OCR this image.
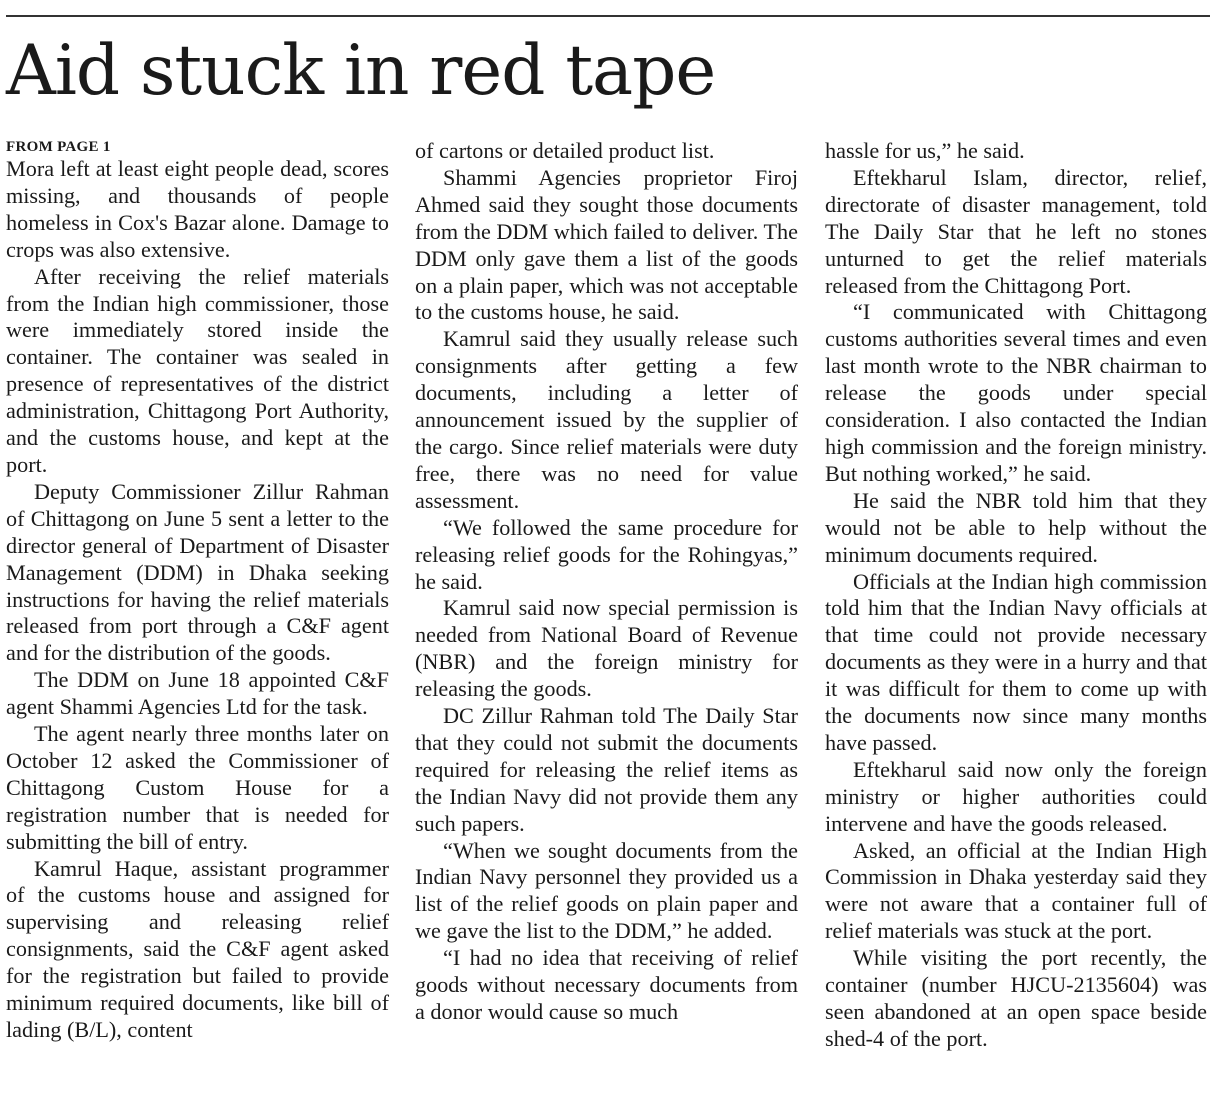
Aid stuck in red tape

FROM PAGE 1

Mora left at least eight people dead, scores missing, and thousands of people homeless in Cox's Bazar alone. Damage to crops was also extensive.

After receiving the relief materials from the Indian high commissioner, those were immediately stored inside the container. The container was sealed in presence of representatives of the district administration, Chittagong Port Authority, and the customs house, and kept at the port.

Deputy Commissioner Zillur Rahman of Chittagong on June 5 sent a letter to the director general of Department of Disaster Management (DDM) in Dhaka seeking instructions for having the relief materials released from port through a C&F agent and for the distribution of the goods.

The DDM on June 18 appointed C&F agent Shammi Agencies Ltd for the task.

The agent nearly three months later on October 12 asked the Commissioner of Chittagong Custom House for a registration number that is needed for submitting the bill of entry.

Kamrul Haque, assistant programmer of the customs house and assigned for supervising and releasing relief consignments, said the C&F agent asked for the registration but failed to provide minimum required documents, like bill of lading (B/L), content

of cartons or detailed product list.

Shammi Agencies proprietor Firoj Ahmed said they sought those documents from the DDM which failed to deliver. The DDM only gave them a list of the goods on a plain paper, which was not acceptable to the customs house, he said.

Kamrul said they usually release such consignments after getting a few documents, including a letter of announcement issued by the supplier of the cargo. Since relief materials were duty free, there was no need for value assessment.

“We followed the same procedure for releasing relief goods for the Rohingyas,” he said.

Kamrul said now special permission is needed from National Board of Revenue (NBR) and the foreign ministry for releasing the goods.

DC Zillur Rahman told The Daily Star that they could not submit the documents required for releasing the relief items as the Indian Navy did not provide them any such papers.

“When we sought documents from the Indian Navy personnel they provided us a list of the relief goods on plain paper and we gave the list to the DDM,” he added.

“I had no idea that receiving of relief goods without necessary documents from a donor would cause so much

hassle for us,” he said.

Eftekharul Islam, director, relief, directorate of disaster management, told The Daily Star that he left no stones unturned to get the relief materials released from the Chittagong Port.

“I communicated with Chittagong customs authorities several times and even last month wrote to the NBR chairman to release the goods under special consideration. I also contacted the Indian high commission and the foreign ministry. But nothing worked,” he said.

He said the NBR told him that they would not be able to help without the minimum documents required.

Officials at the Indian high commission told him that the Indian Navy officials at that time could not provide necessary documents as they were in a hurry and that it was difficult for them to come up with the documents now since many months have passed.

Eftekharul said now only the foreign ministry or higher authorities could intervene and have the goods released.

Asked, an official at the Indian High Commission in Dhaka yesterday said they were not aware that a container full of relief materials was stuck at the port.

While visiting the port recently, the container (number HJCU-2135604) was seen abandoned at an open space beside shed-4 of the port.
